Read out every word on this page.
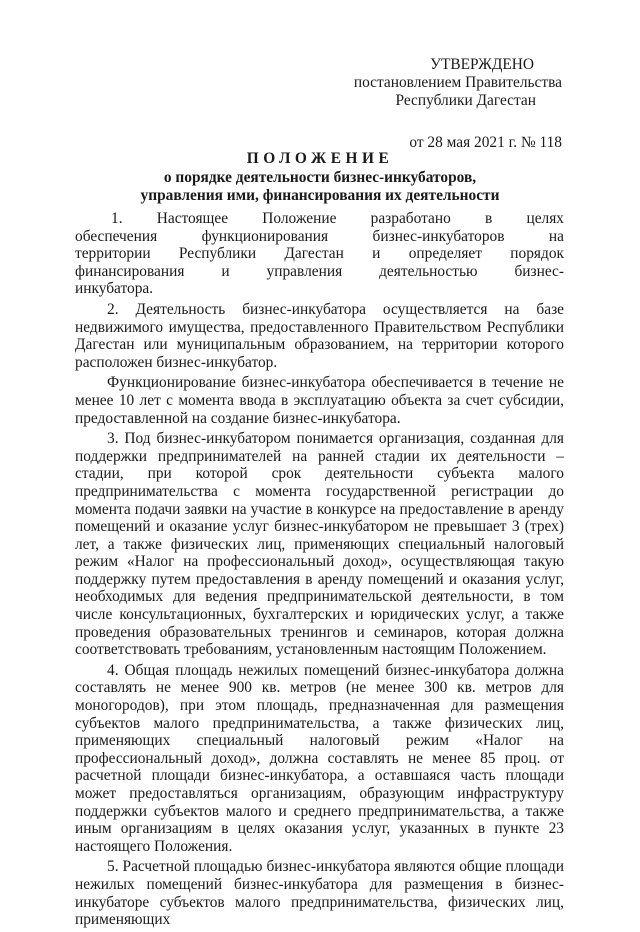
УТВЕРЖДЕНО
постановлением Правительства
Республики Дагестан
от 28 мая 2021 г. № 118
ПОЛОЖЕНИЕ
о порядке деятельности бизнес-инкубаторов,
управления ими, финансирования их деятельности

1. Настоящее Положение разработано в целях обеспечения функционирования бизнес-инкубаторов на территории Республики Дагестан и определяет порядок финансирования и управления деятельностью бизнес-инкубатора.

2. Деятельность бизнес-инкубатора осуществляется на базе недвижимого имущества, предоставленного Правительством Республики Дагестан или муниципальным образованием, на территории которого расположен бизнес-инкубатор.

Функционирование бизнес-инкубатора обеспечивается в течение не менее 10 лет с момента ввода в эксплуатацию объекта за счет субсидии, предоставленной на создание бизнес-инкубатора.

3. Под бизнес-инкубатором понимается организация, созданная для поддержки предпринимателей на ранней стадии их деятельности – стадии, при которой срок деятельности субъекта малого предпринимательства с момента государственной регистрации до момента подачи заявки на участие в конкурсе на предоставление в аренду помещений и оказание услуг бизнес-инкубатором не превышает 3 (трех) лет, а также физических лиц, применяющих специальный налоговый режим «Налог на профессиональный доход», осуществляющая такую поддержку путем предоставления в аренду помещений и оказания услуг, необходимых для ведения предпринимательской деятельности, в том числе консультационных, бухгалтерских и юридических услуг, а также проведения образовательных тренингов и семинаров, которая должна соответствовать требованиям, установленным настоящим Положением.

4. Общая площадь нежилых помещений бизнес-инкубатора должна составлять не менее 900 кв. метров (не менее 300 кв. метров для моногородов), при этом площадь, предназначенная для размещения субъектов малого предпринимательства, а также физических лиц, применяющих специальный налоговый режим «Налог на профессиональный доход», должна составлять не менее 85 проц. от расчетной площади бизнес-инкубатора, а оставшаяся часть площади может предоставляться организациям, образующим инфраструктуру поддержки субъектов малого и среднего предпринимательства, а также иным организациям в целях оказания услуг, указанных в пункте 23 настоящего Положения.

5. Расчетной площадью бизнес-инкубатора являются общие площади нежилых помещений бизнес-инкубатора для размещения в бизнес-инкубаторе субъектов малого предпринимательства, физических лиц, применяющих
